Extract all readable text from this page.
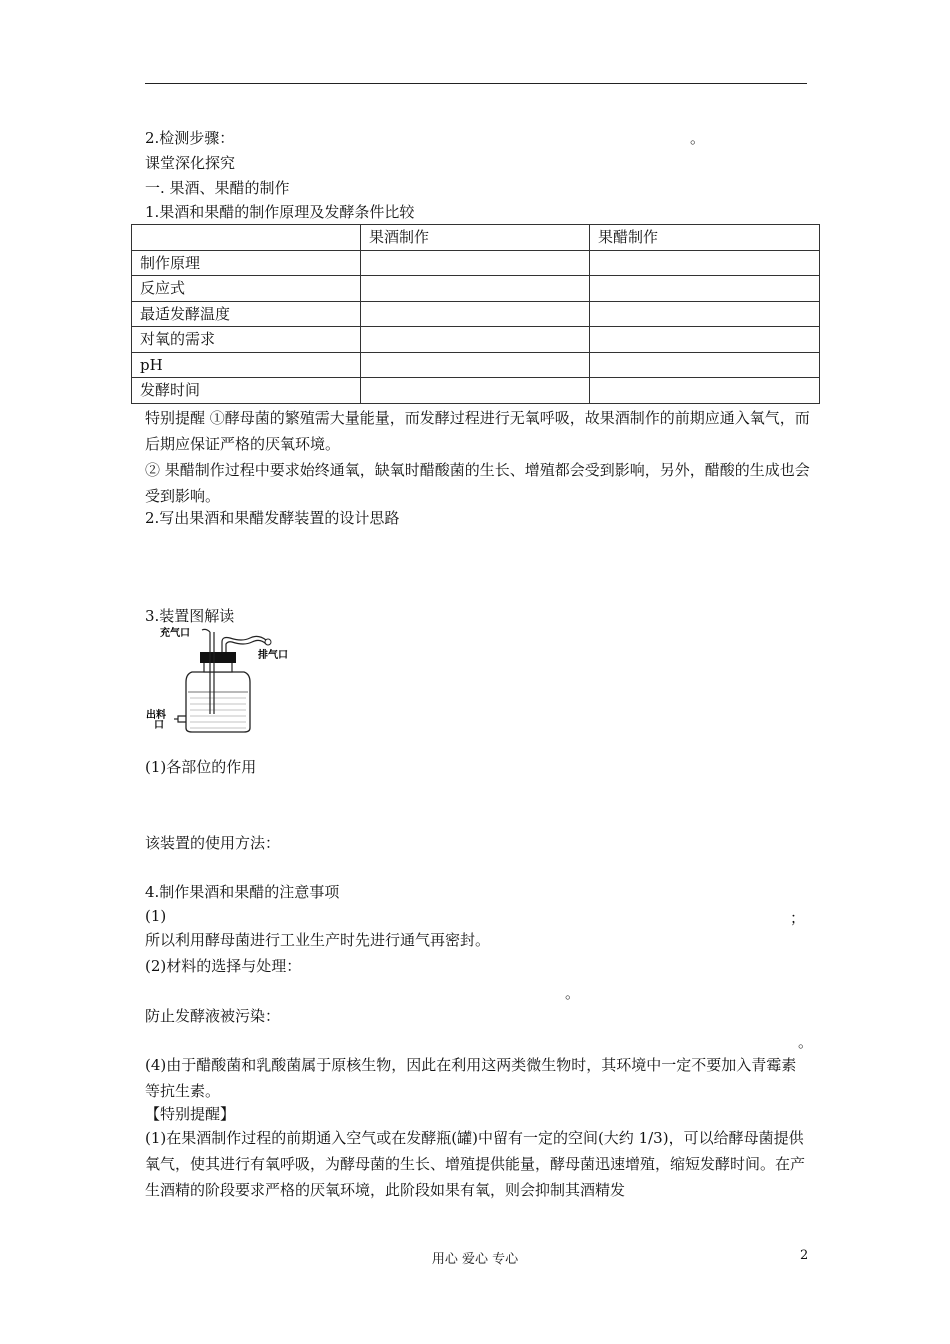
2.检测步骤：	。
课堂深化探究
一. 果酒、果醋的制作
1.果酒和果醋的制作原理及发酵条件比较
	果酒制作	果醋制作
制作原理		
反应式		
最适发酵温度		
对氧的需求		
pH		
发酵时间		
特别提醒 ①酵母菌的繁殖需大量能量，而发酵过程进行无氧呼吸，故果酒制作的前期应通入氧气，而后期应保证严格的厌氧环境。
② 果醋制作过程中要求始终通氧，缺氧时醋酸菌的生长、增殖都会受到影响，另外，醋酸的生成也会受到影响。
2.写出果酒和果醋发酵装置的设计思路
3.装置图解读
充气口
排气口
出料
口
(1)各部位的作用
该装置的使用方法：
4.制作果酒和果醋的注意事项
(1)	；
所以利用酵母菌进行工业生产时先进行通气再密封。
(2)材料的选择与处理：
。
防止发酵液被污染：
。
(4)由于醋酸菌和乳酸菌属于原核生物，因此在利用这两类微生物时，其环境中一定不要加入青霉素等抗生素。
【特别提醒】
(1)在果酒制作过程的前期通入空气或在发酵瓶(罐)中留有一定的空间(大约 1/3)，可以给酵母菌提供氧气，使其进行有氧呼吸，为酵母菌的生长、增殖提供能量，酵母菌迅速增殖，缩短发酵时间。在产生酒精的阶段要求严格的厌氧环境，此阶段如果有氧，则会抑制其酒精发
用心 爱心 专心	2
